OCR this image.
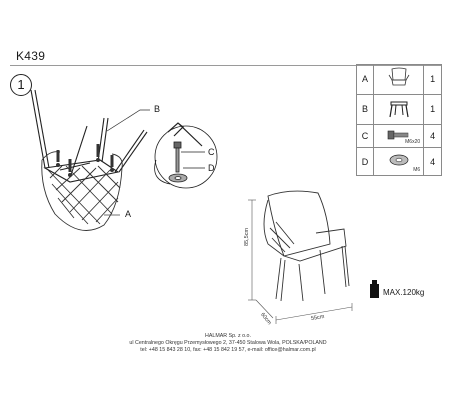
K439
1	A		1
B		1
C	M6x20	4
D	M6	4
B
A
C
D
85,5cm
60cm	55cm
MAX.120kg
HALMAR Sp. z o.o.
ul Centralnego Okręgu Przemysłowego 2, 37-450 Stalowa Wola, POLSKA/POLAND
tel: +48 15 843 28 10, fax: +48 15 842 19 57, e-mail: office@halmar.com.pl
